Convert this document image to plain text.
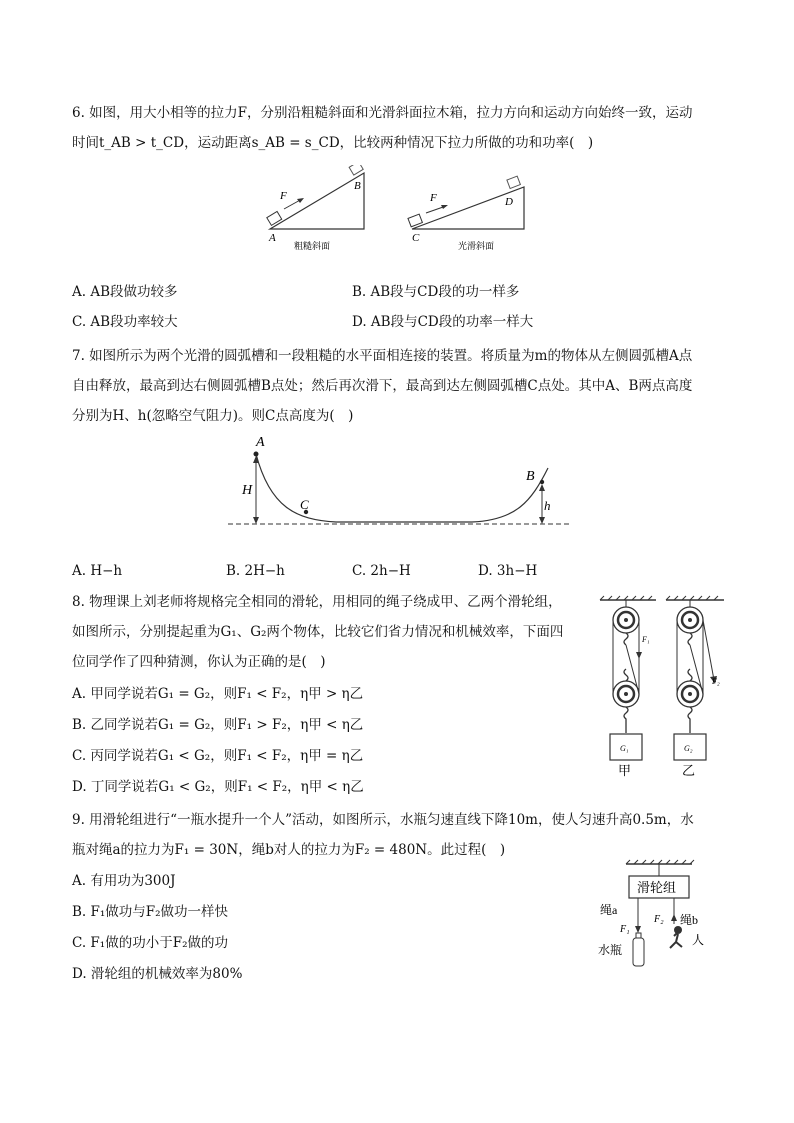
6. 如图，用大小相等的拉力F，分别沿粗糙斜面和光滑斜面拉木箱，拉力方向和运动方向始终一致，运动
时间t_AB > t_CD，运动距离s_AB = s_CD，比较两种情况下拉力所做的功和功率(　)
A
B
F
粗糙斜面
C
D
F
光滑斜面
A. AB段做功较多	B. AB段与CD段的功一样多
C. AB段功率较大	D. AB段与CD段的功率一样大
7. 如图所示为两个光滑的圆弧槽和一段粗糙的水平面相连接的装置。将质量为m的物体从左侧圆弧槽A点
自由释放，最高到达右侧圆弧槽B点处；然后再次滑下，最高到达左侧圆弧槽C点处。其中A、B两点高度
分别为H、h(忽略空气阻力)。则C点高度为(　)
A
H
C
B
h
A. H−h	B. 2H−h	C. 2h−H	D. 3h−H
8. 物理课上刘老师将规格完全相同的滑轮，用相同的绳子绕成甲、乙两个滑轮组，
如图所示，分别提起重为G₁、G₂两个物体，比较它们省力情况和机械效率，下面四
位同学作了四种猜测，你认为正确的是(　)
F₁
G₁
甲
F₂
G₂
乙
A. 甲同学说若G₁ = G₂，则F₁ < F₂，η甲 > η乙
B. 乙同学说若G₁ = G₂，则F₁ > F₂，η甲 < η乙
C. 丙同学说若G₁ < G₂，则F₁ < F₂，η甲 = η乙
D. 丁同学说若G₁ < G₂，则F₁ < F₂，η甲 < η乙
9. 用滑轮组进行“一瓶水提升一个人”活动，如图所示，水瓶匀速直线下降10m，使人匀速升高0.5m，水
瓶对绳a的拉力为F₁ = 30N，绳b对人的拉力为F₂ = 480N。此过程(　)
滑轮组
绳a
F₁
F₂ 绳b
水瓶
人
A. 有用功为300J
B. F₁做功与F₂做功一样快
C. F₁做的功小于F₂做的功
D. 滑轮组的机械效率为80%
